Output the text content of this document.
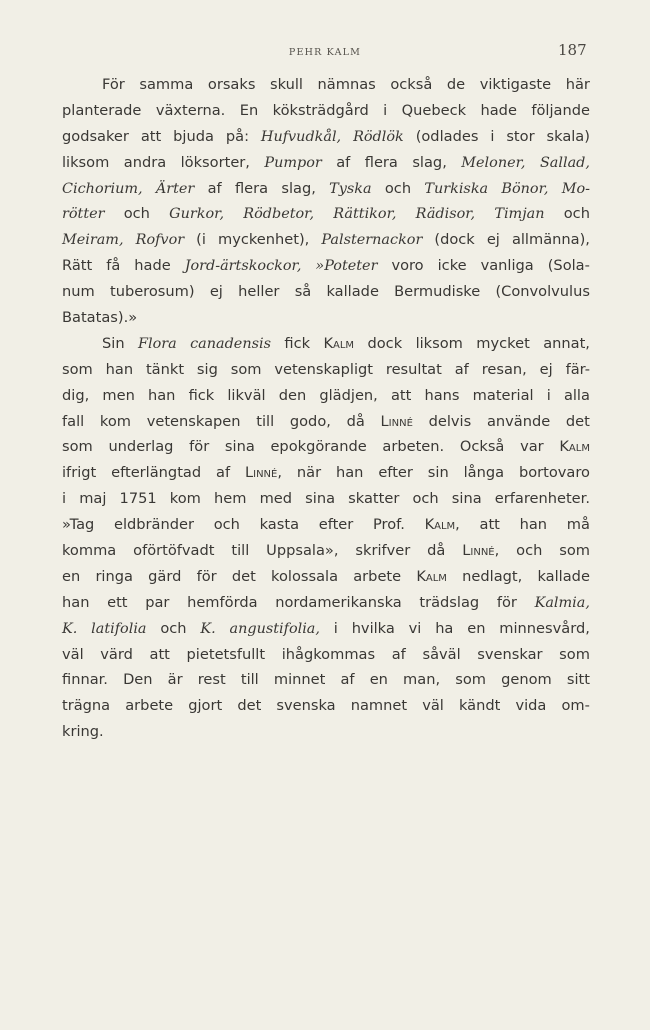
PEHR KALM	187
För samma orsaks skull nämnas också de viktigaste här
planterade växterna. En köksträdgård i Quebeck hade följande
godsaker att bjuda på: Hufvudkål, Rödlök (odlades i stor skala)
liksom andra löksorter, Pumpor af flera slag, Meloner, Sallad,
Cichorium, Ärter af flera slag, Tyska och Turkiska Bönor, Mo-
rötter och Gurkor, Rödbetor, Rättikor, Rädisor, Timjan och
Meiram, Rofvor (i myckenhet), Palsternackor (dock ej allmänna),
Rätt få hade Jord-ärtskockor, »Poteter voro icke vanliga (Sola-
num tuberosum) ej heller så kallade Bermudiske (Convolvulus
Batatas).»
Sin Flora canadensis fick Kalm dock liksom mycket annat,
som han tänkt sig som vetenskapligt resultat af resan, ej fär-
dig, men han fick likväl den glädjen, att hans material i alla
fall kom vetenskapen till godo, då Linné delvis använde det
som underlag för sina epokgörande arbeten. Också var Kalm
ifrigt efterlängtad af Linné, när han efter sin långa bortovaro
i maj 1751 kom hem med sina skatter och sina erfarenheter.
»Tag eldbränder och kasta efter Prof. Kalm, att han må
komma oförtöfvadt till Uppsala», skrifver då Linné, och som
en ringa gärd för det kolossala arbete Kalm nedlagt, kallade
han ett par hemförda nordamerikanska trädslag för Kalmia,
K. latifolia och K. angustifolia, i hvilka vi ha en minnesvård,
väl värd att pietetsfullt ihågkommas af såväl svenskar som
finnar. Den är rest till minnet af en man, som genom sitt
trägna arbete gjort det svenska namnet väl kändt vida om-
kring.
